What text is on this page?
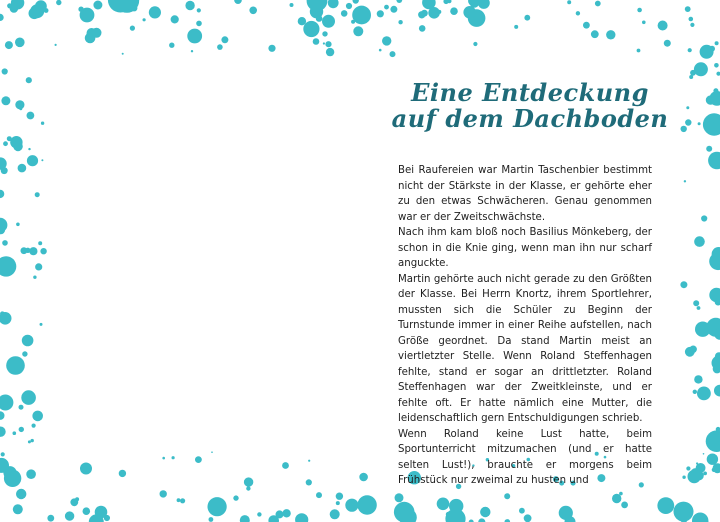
Eine Entdeckung
auf dem Dachboden

Bei Raufereien war Martin Taschenbier bestimmt nicht der Stärkste in der Klasse, er gehörte eher zu den etwas Schwächeren. Genau genommen war er der Zweitschwächste.

Nach ihm kam bloß noch Basilius Mönkeberg, der schon in die Knie ging, wenn man ihn nur scharf anguckte.

Martin gehörte auch nicht gerade zu den Größten der Klasse. Bei Herrn Knortz, ihrem Sportlehrer, mussten sich die Schüler zu Beginn der Turnstunde immer in einer Reihe aufstellen, nach Größe geordnet. Da stand Martin meist an viertletzter Stelle. Wenn Roland Steffenhagen fehlte, stand er sogar an drittletzter. Roland Steffenhagen war der Zweitkleinste, und er fehlte oft. Er hatte nämlich eine Mutter, die leidenschaftlich gern Entschuldigungen schrieb.

Wenn Roland keine Lust hatte, beim Sportunterricht mitzumachen (und er hatte selten Lust!), brauchte er morgens beim Frühstück nur zweimal zu husten und
